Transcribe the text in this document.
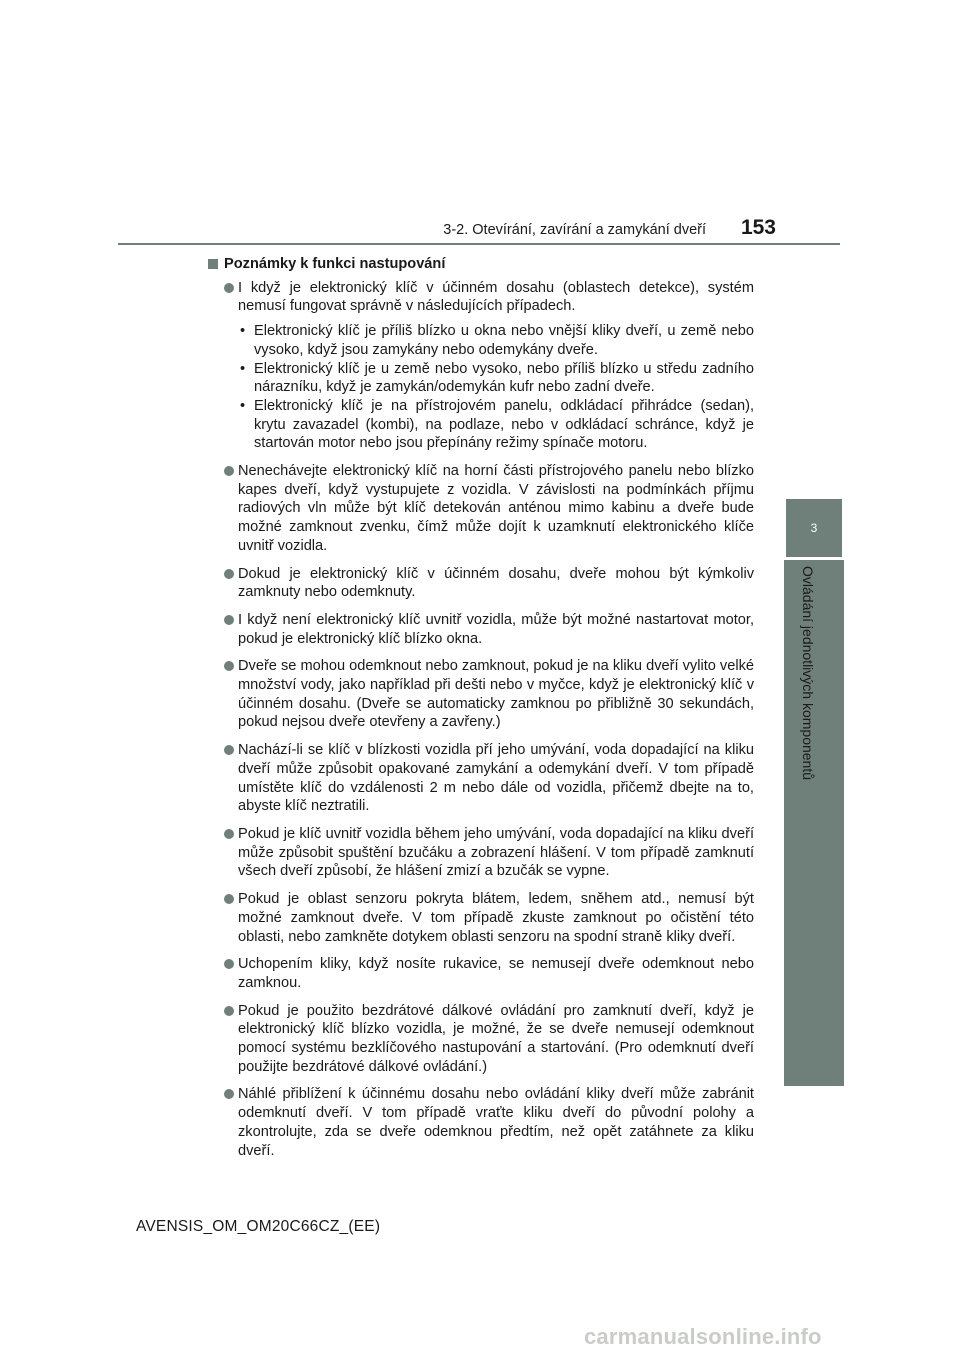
3-2. Otevírání, zavírání a zamykání dveří	153
3
Ovládání jednotlivých komponentů
Poznámky k funkci nastupování
I když je elektronický klíč v účinném dosahu (oblastech detekce), systém nemusí fungovat správně v následujících případech.
• Elektronický klíč je příliš blízko u okna nebo vnější kliky dveří, u země nebo vysoko, když jsou zamykány nebo odemykány dveře.
• Elektronický klíč je u země nebo vysoko, nebo příliš blízko u středu zadního nárazníku, když je zamykán/odemykán kufr nebo zadní dveře.
• Elektronický klíč je na přístrojovém panelu, odkládací přihrádce (sedan), krytu zavazadel (kombi), na podlaze, nebo v odkládací schránce, když je startován motor nebo jsou přepínány režimy spínače motoru.
Nenechávejte elektronický klíč na horní části přístrojového panelu nebo blízko kapes dveří, když vystupujete z vozidla. V závislosti na podmínkách příjmu radiových vln může být klíč detekován anténou mimo kabinu a dveře bude možné zamknout zvenku, čímž může dojít k uzamknutí elektronického klíče uvnitř vozidla.
Dokud je elektronický klíč v účinném dosahu, dveře mohou být kýmkoliv zamknuty nebo odemknuty.
I když není elektronický klíč uvnitř vozidla, může být možné nastartovat motor, pokud je elektronický klíč blízko okna.
Dveře se mohou odemknout nebo zamknout, pokud je na kliku dveří vylito velké množství vody, jako například při dešti nebo v myčce, když je elektronický klíč v účinném dosahu. (Dveře se automaticky zamknou po přibližně 30 sekundách, pokud nejsou dveře otevřeny a zavřeny.)
Nachází-li se klíč v blízkosti vozidla pří jeho umývání, voda dopadající na kliku dveří může způsobit opakované zamykání a odemykání dveří. V tom případě umístěte klíč do vzdálenosti 2 m nebo dále od vozidla, přičemž dbejte na to, abyste klíč neztratili.
Pokud je klíč uvnitř vozidla během jeho umývání, voda dopadající na kliku dveří může způsobit spuštění bzučáku a zobrazení hlášení. V tom případě zamknutí všech dveří způsobí, že hlášení zmizí a bzučák se vypne.
Pokud je oblast senzoru pokryta blátem, ledem, sněhem atd., nemusí být možné zamknout dveře. V tom případě zkuste zamknout po očistění této oblasti, nebo zamkněte dotykem oblasti senzoru na spodní straně kliky dveří.
Uchopením kliky, když nosíte rukavice, se nemusejí dveře odemknout nebo zamknou.
Pokud je použito bezdrátové dálkové ovládání pro zamknutí dveří, když je elektronický klíč blízko vozidla, je možné, že se dveře nemusejí odemknout pomocí systému bezklíčového nastupování a startování. (Pro odemknutí dveří použijte bezdrátové dálkové ovládání.)
Náhlé přiblížení k účinnému dosahu nebo ovládání kliky dveří může zabránit odemknutí dveří. V tom případě vraťte kliku dveří do původní polohy a zkontrolujte, zda se dveře odemknou předtím, než opět zatáhnete za kliku dveří.
AVENSIS_OM_OM20C66CZ_(EE)
carmanualsonline.info
